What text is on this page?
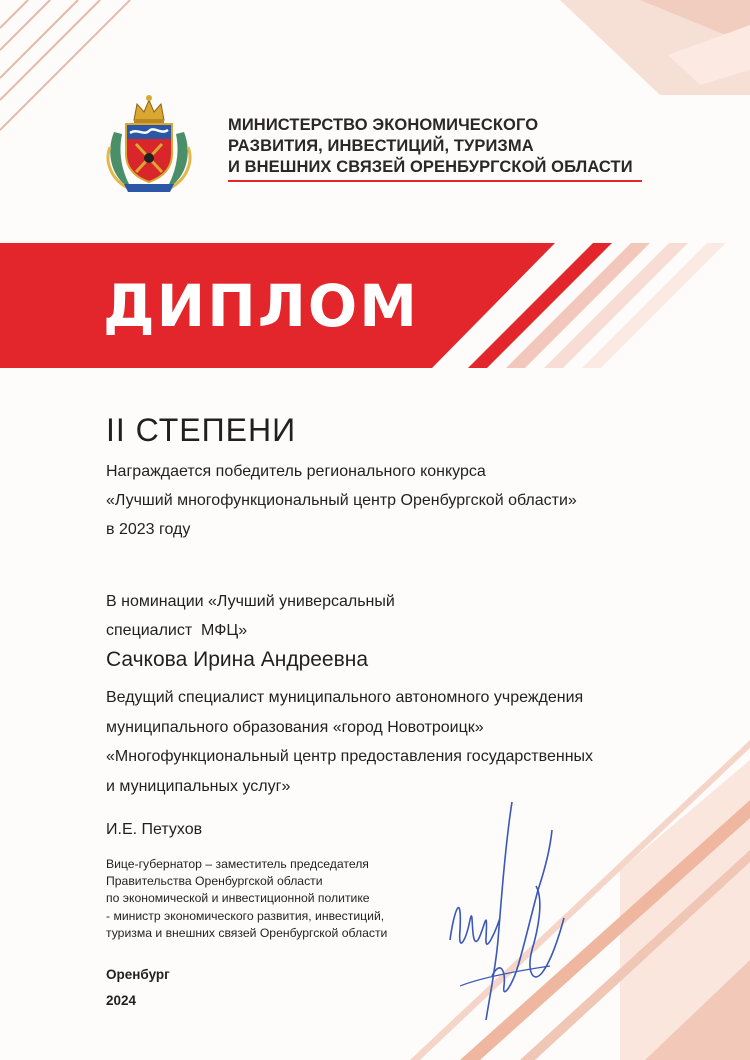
МИНИСТЕРСТВО ЭКОНОМИЧЕСКОГО
РАЗВИТИЯ, ИНВЕСТИЦИЙ, ТУРИЗМА
И ВНЕШНИХ СВЯЗЕЙ ОРЕНБУРГСКОЙ ОБЛАСТИ
ДИПЛОМ
II СТЕПЕНИ
Награждается победитель регионального конкурса
«Лучший многофункциональный центр Оренбургской области»
в 2023 году
В номинации «Лучший универсальный
специалист  МФЦ»
Сачкова Ирина Андреевна
Ведущий специалист муниципального автономного учреждения
муниципального образования «город Новотроицк»
«Многофункциональный центр предоставления государственных
и муниципальных услуг»
И.Е. Петухов
Вице-губернатор – заместитель председателя
Правительства Оренбургской области
по экономической и инвестиционной политике
- министр экономического развития, инвестиций,
туризма и внешних связей Оренбургской области
Оренбург
2024
